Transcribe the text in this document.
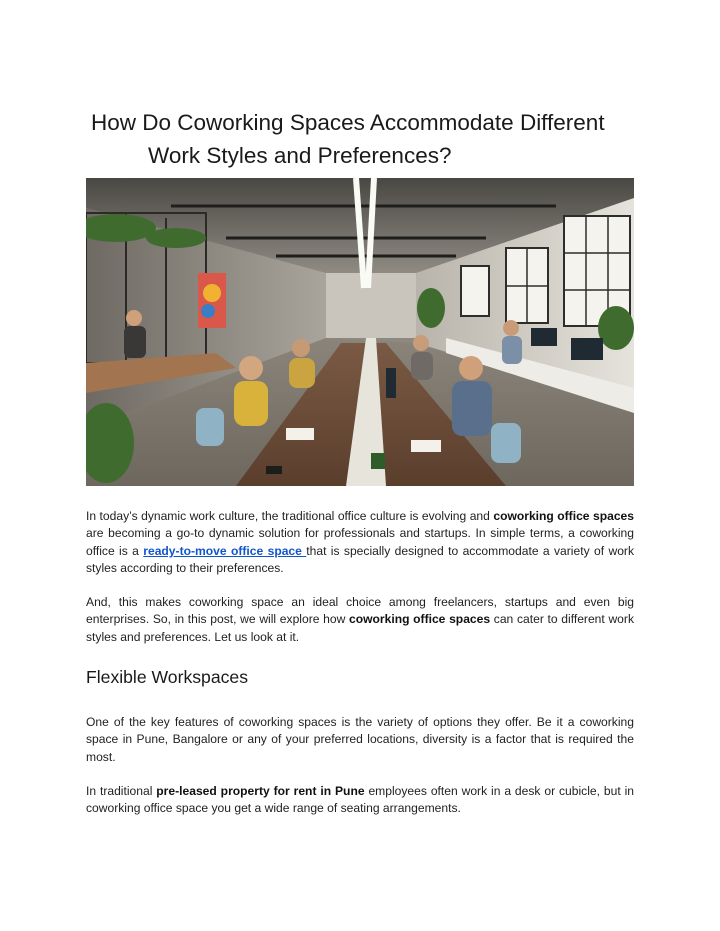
How Do Coworking Spaces Accommodate Different
Work Styles and Preferences?

In today’s dynamic work culture, the traditional office culture is evolving and coworking office spaces are becoming a go-to dynamic solution for professionals and startups. In simple terms, a coworking office is a ready-to-move office space that is specially designed to accommodate a variety of work styles according to their preferences.

And, this makes coworking space an ideal choice among freelancers, startups and even big enterprises. So, in this post, we will explore how coworking office spaces can cater to different work styles and preferences. Let us look at it.

Flexible Workspaces

One of the key features of coworking spaces is the variety of options they offer. Be it a coworking space in Pune, Bangalore or any of your preferred locations, diversity is a factor that is required the most.

In traditional pre-leased property for rent in Pune employees often work in a desk or cubicle, but in coworking office space you get a wide range of seating arrangements.
